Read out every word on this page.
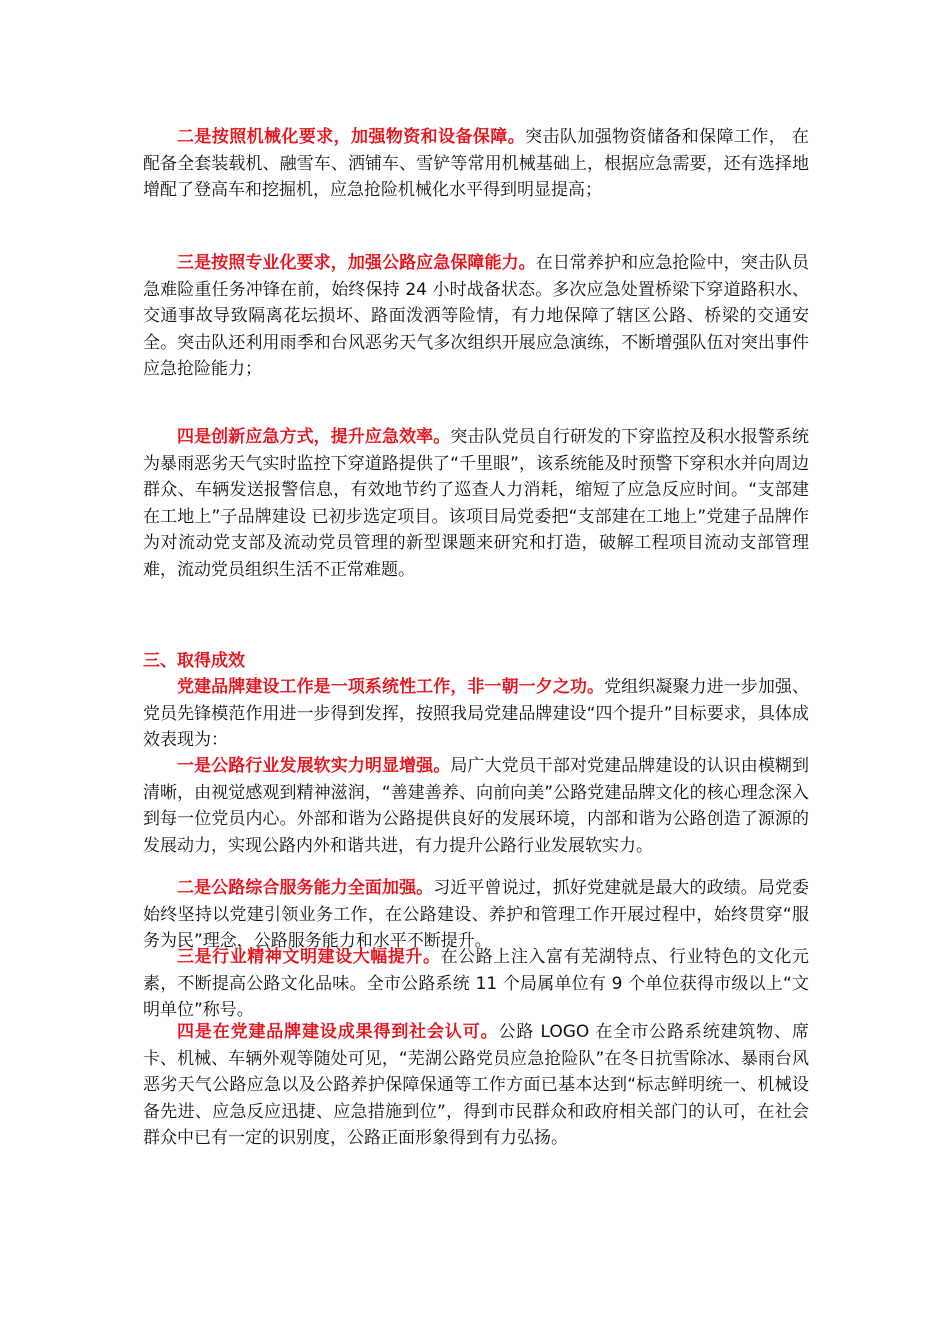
二是按照机械化要求，加强物资和设备保障。突击队加强物资储备和保障工作， 在配备全套装载机、融雪车、洒铺车、雪铲等常用机械基础上，根据应急需要，还有选择地增配了登高车和挖掘机，应急抢险机械化水平得到明显提高；

三是按照专业化要求，加强公路应急保障能力。在日常养护和应急抢险中，突击队员急难险重任务冲锋在前，始终保持 24 小时战备状态。多次应急处置桥梁下穿道路积水、交通事故导致隔离花坛损坏、路面泼洒等险情，有力地保障了辖区公路、桥梁的交通安全。突击队还利用雨季和台风恶劣天气多次组织开展应急演练，不断增强队伍对突出事件应急抢险能力；

四是创新应急方式，提升应急效率。突击队党员自行研发的下穿监控及积水报警系统为暴雨恶劣天气实时监控下穿道路提供了“千里眼”，该系统能及时预警下穿积水并向周边群众、车辆发送报警信息，有效地节约了巡查人力消耗，缩短了应急反应时间。“支部建在工地上”子品牌建设 已初步选定项目。该项目局党委把“支部建在工地上”党建子品牌作为对流动党支部及流动党员管理的新型课题来研究和打造，破解工程项目流动支部管理难，流动党员组织生活不正常难题。

三、取得成效

党建品牌建设工作是一项系统性工作，非一朝一夕之功。党组织凝聚力进一步加强、党员先锋模范作用进一步得到发挥，按照我局党建品牌建设“四个提升”目标要求，具体成效表现为：

一是公路行业发展软实力明显增强。局广大党员干部对党建品牌建设的认识由模糊到清晰，由视觉感观到精神滋润，“善建善养、向前向美”公路党建品牌文化的核心理念深入到每一位党员内心。外部和谐为公路提供良好的发展环境，内部和谐为公路创造了源源的发展动力，实现公路内外和谐共进，有力提升公路行业发展软实力。

二是公路综合服务能力全面加强。习近平曾说过，抓好党建就是最大的政绩。局党委始终坚持以党建引领业务工作，在公路建设、养护和管理工作开展过程中，始终贯穿“服务为民”理念，公路服务能力和水平不断提升。

三是行业精神文明建设大幅提升。在公路上注入富有芜湖特点、行业特色的文化元素，不断提高公路文化品味。全市公路系统 11 个局属单位有 9 个单位获得市级以上“文明单位”称号。

四是在党建品牌建设成果得到社会认可。公路 LOGO 在全市公路系统建筑物、席卡、机械、车辆外观等随处可见，“芜湖公路党员应急抢险队”在冬日抗雪除冰、暴雨台风恶劣天气公路应急以及公路养护保障保通等工作方面已基本达到“标志鲜明统一、机械设备先进、应急反应迅捷、应急措施到位”，得到市民群众和政府相关部门的认可，在社会群众中已有一定的识别度，公路正面形象得到有力弘扬。
